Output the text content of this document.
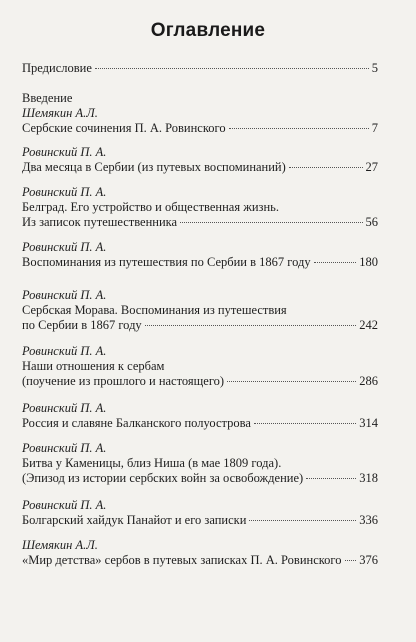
Оглавление
Предисловие	5
Введение
Шемякин А.Л.
Сербские сочинения П. А. Ровинского	7
Ровинский П. А.
Два месяца в Сербии (из путевых воспоминаний)	27
Ровинский П. А.
Белград. Его устройство и общественная жизнь.
Из записок путешественника	56
Ровинский П. А.
Воспоминания из путешествия по Сербии в 1867 году	180
Ровинский П. А.
Сербская Морава. Воспоминания из путешествия
по Сербии в 1867 году	242
Ровинский П. А.
Наши отношения к сербам
(поучение из прошлого и настоящего)	286
Ровинский П. А.
Россия и славяне Балканского полуострова	314
Ровинский П. А.
Битва у Каменицы, близ Ниша (в мае 1809 года).
(Эпизод из истории сербских войн за освобождение)	318
Ровинский П. А.
Болгарский хайдук Панайот и его записки	336
Шемякин А.Л.
«Мир детства» сербов в путевых записках П. А. Ровинского 376
